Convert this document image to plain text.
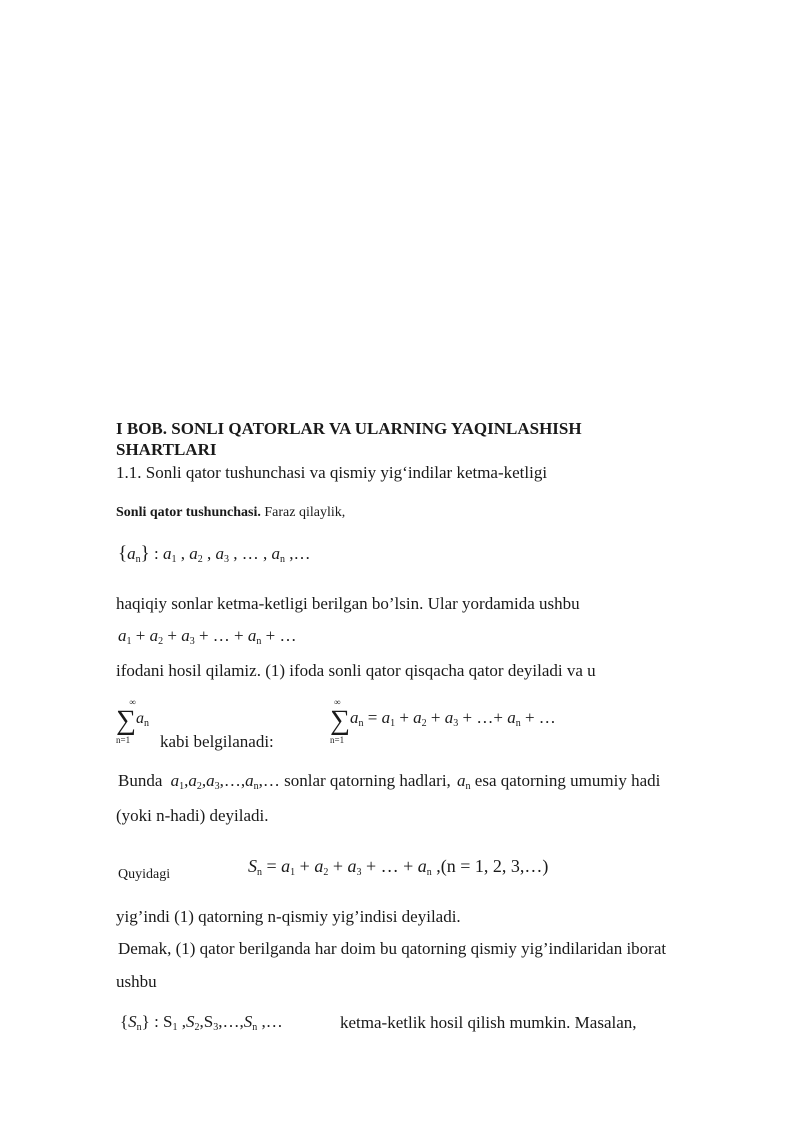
I BOB. SONLI QATORLAR VA ULARNING YAQINLASHISH SHARTLARI
1.1. Sonli qator tushunchasi va qismiy yig‘indilar ketma-ketligi
Sonli qator tushunchasi. Faraz qilaylik,
$\{a_n\}$ : $a_1$ , $a_2$ , $a_3$ , … , $a_n$ ,…
haqiqiy sonlar ketma-ketligi berilgan bo’lsin. Ular yordamida ushbu
$a_1 + a_2 + a_3$ + … + $a_n$ + …
ifodani hosil qilamiz. (1) ifoda sonli qator qisqacha qator deyiladi va u
∞
$\sum a_n$
n=1	kabi belgilanadi:
∞
$\sum a_n = a_1 + a_2 + a_3$ + …+ $a_n$ + …
n=1
Bunda $a_1,a_2,a_3,\dots,a_n,\dots$ sonlar qatorning hadlari, $a_n$ esa qatorning umumiy hadi
(yoki n-hadi) deyiladi.
Quyidagi	$S_n = a_1 + a_2 + a_3$ + … + $a_n$ ,(n = 1, 2, 3,…)
yig’indi (1) qatorning n-qismiy yig’indisi deyiladi.
Demak, (1) qator berilganda har doim bu qatorning qismiy yig’indilaridan iborat
ushbu
$\{S_n\}$ : $S_1$ $,S_2,S_3,\dots,S_n$ ,…	ketma-ketlik hosil qilish mumkin. Masalan,
